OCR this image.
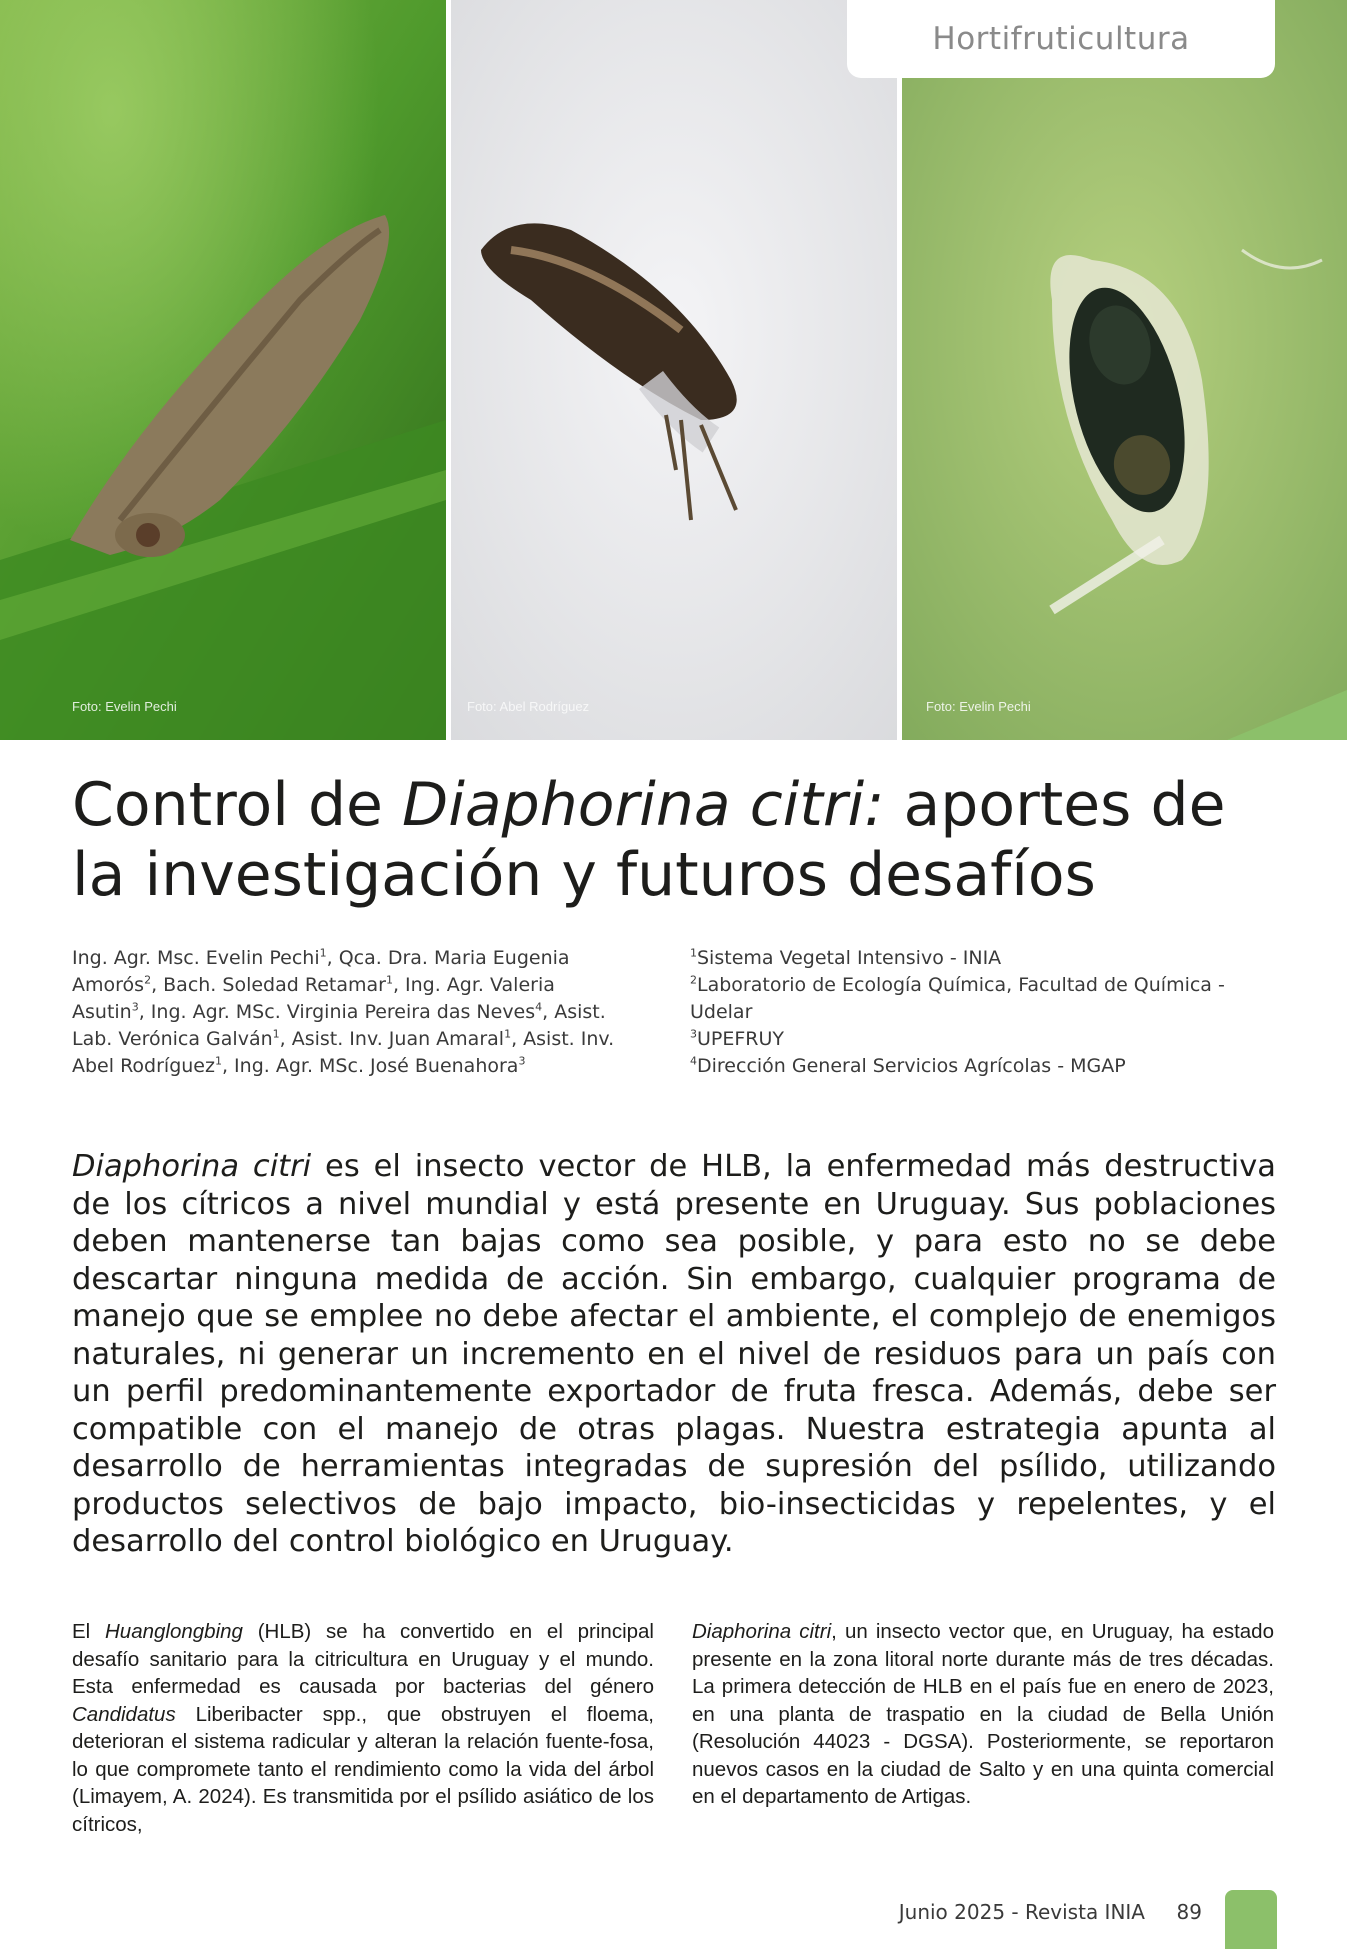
Foto: Evelin Pechi	Foto: Abel Rodríguez	Foto: Evelin Pechi
Hortifruticultura
Control de Diaphorina citri: aportes de la investigación y futuros desafíos
Ing. Agr. Msc. Evelin Pechi$^1$, Qca. Dra. Maria Eugenia Amorós$^2$, Bach. Soledad Retamar$^1$, Ing. Agr. Valeria Asutin$^3$, Ing. Agr. MSc. Virginia Pereira das Neves$^4$, Asist. Lab. Verónica Galván$^1$, Asist. Inv. Juan Amaral$^1$, Asist. Inv. Abel Rodríguez$^1$, Ing. Agr. MSc. José Buenahora$^3$
$^1$Sistema Vegetal Intensivo - INIA
$^2$Laboratorio de Ecología Química, Facultad de Química - Udelar
$^3$UPEFRUY
$^4$Dirección General Servicios Agrícolas - MGAP

Diaphorina citri es el insecto vector de HLB, la enfermedad más destructiva de los cítricos a nivel mundial y está presente en Uruguay. Sus poblaciones deben mantenerse tan bajas como sea posible, y para esto no se debe descartar ninguna medida de acción. Sin embargo, cualquier programa de manejo que se emplee no debe afectar el ambiente, el complejo de enemigos naturales, ni generar un incremento en el nivel de residuos para un país con un perfil predominantemente exportador de fruta fresca. Además, debe ser compatible con el manejo de otras plagas. Nuestra estrategia apunta al desarrollo de herramientas integradas de supresión del psílido, utilizando productos selectivos de bajo impacto, bio-insecticidas y repelentes, y el desarrollo del control biológico en Uruguay.

El Huanglongbing (HLB) se ha convertido en el principal desafío sanitario para la citricultura en Uruguay y el mundo. Esta enfermedad es causada por bacterias del género Candidatus Liberibacter spp., que obstruyen el floema, deterioran el sistema radicular y alteran la relación fuente-fosa, lo que compromete tanto el rendimiento como la vida del árbol (Limayem, A. 2024). Es transmitida por el psílido asiático de los cítricos,

Diaphorina citri, un insecto vector que, en Uruguay, ha estado presente en la zona litoral norte durante más de tres décadas. La primera detección de HLB en el país fue en enero de 2023, en una planta de traspatio en la ciudad de Bella Unión (Resolución 44023 - DGSA). Posteriormente, se reportaron nuevos casos en la ciudad de Salto y en una quinta comercial en el departamento de Artigas.

Junio 2025 - Revista INIA 89
